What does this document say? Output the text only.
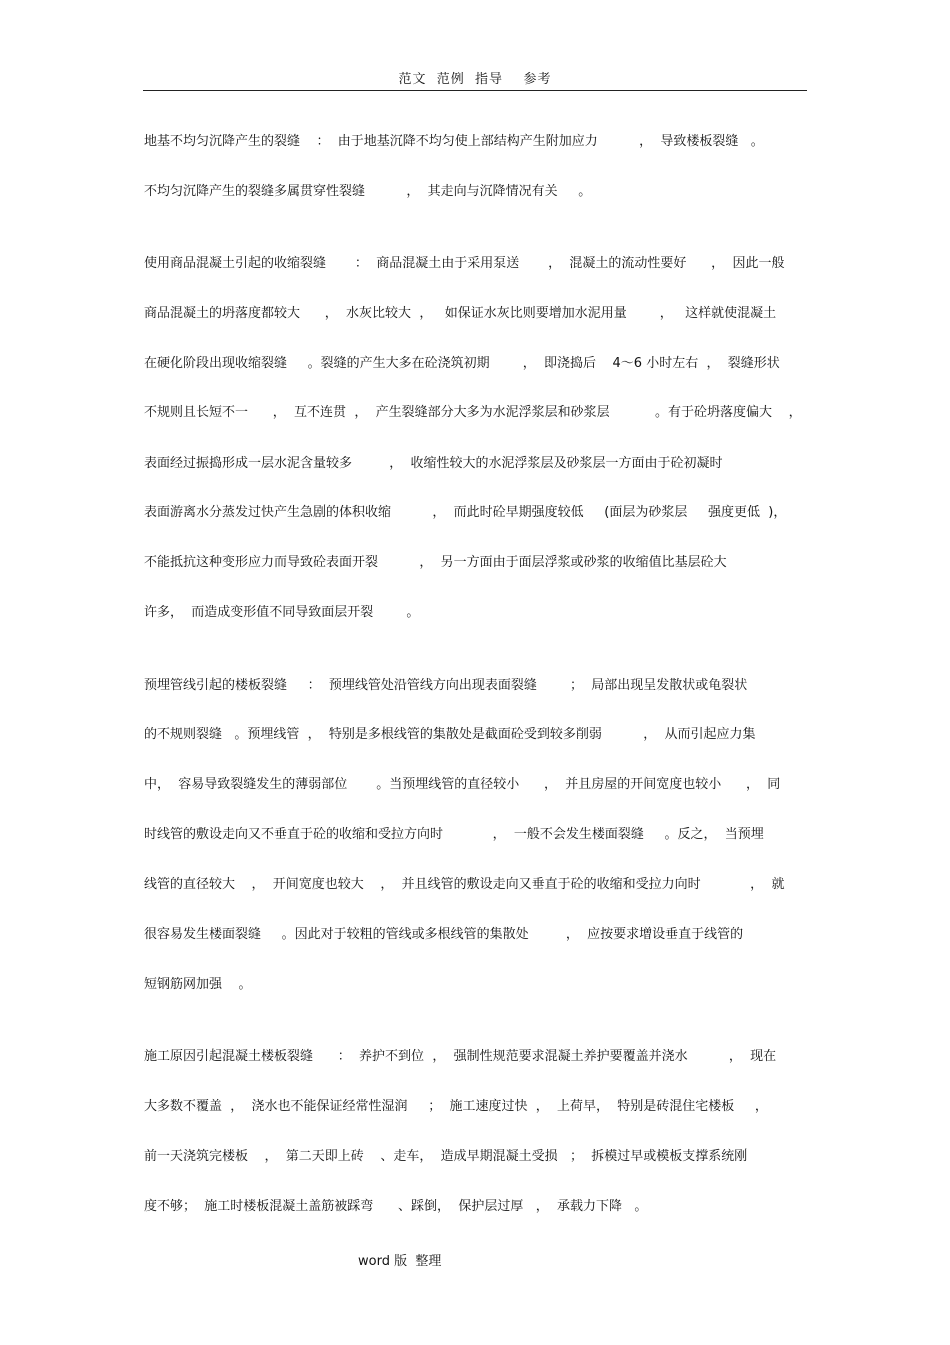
范文  范例  指导    参考
地基不均匀沉降产生的裂缝    ：  由于地基沉降不均匀使上部结构产生附加应力          ，  导致楼板裂缝   。
不均匀沉降产生的裂缝多属贯穿性裂缝          ，  其走向与沉降情况有关     。
使用商品混凝土引起的收缩裂缝       ：  商品混凝土由于采用泵送       ，  混凝土的流动性要好      ，  因此一般
商品混凝土的坍落度都较大      ，  水灰比较大  ，   如保证水灰比则要增加水泥用量        ，   这样就使混凝土
在硬化阶段出现收缩裂缝     。裂缝的产生大多在砼浇筑初期        ，  即浇捣后    4～6 小时左右  ，  裂缝形状
不规则且长短不一      ，  互不连贯  ，  产生裂缝部分大多为水泥浮浆层和砂浆层           。有于砼坍落度偏大    ，
表面经过振捣形成一层水泥含量较多         ，  收缩性较大的水泥浮浆层及砂浆层一方面由于砼初凝时
表面游离水分蒸发过快产生急剧的体积收缩          ，  而此时砼早期强度较低     (面层为砂浆层     强度更低  )，
不能抵抗这种变形应力而导致砼表面开裂          ，  另一方面由于面层浮浆或砂浆的收缩值比基层砼大
许多，  而造成变形值不同导致面层开裂        。
预埋管线引起的楼板裂缝     ：  预埋线管处沿管线方向出现表面裂缝        ；  局部出现呈发散状或龟裂状
的不规则裂缝   。预埋线管  ，  特别是多根线管的集散处是截面砼受到较多削弱          ，  从而引起应力集
中，  容易导致裂缝发生的薄弱部位       。当预埋线管的直径较小      ，  并且房屋的开间宽度也较小      ，  同
时线管的敷设走向又不垂直于砼的收缩和受拉方向时            ，  一般不会发生楼面裂缝     。反之，  当预埋
线管的直径较大    ，  开间宽度也较大    ，  并且线管的敷设走向又垂直于砼的收缩和受拉力向时            ，  就
很容易发生楼面裂缝     。因此对于较粗的管线或多根线管的集散处         ，  应按要求增设垂直于线管的
短钢筋网加强    。
施工原因引起混凝土楼板裂缝      ：  养护不到位  ，  强制性规范要求混凝土养护要覆盖并浇水          ，  现在
大多数不覆盖  ，  浇水也不能保证经常性湿润     ；  施工速度过快  ，  上荷早，  特别是砖混住宅楼板     ，
前一天浇筑完楼板    ，  第二天即上砖    、走车，  造成早期混凝土受损   ；  拆模过早或模板支撑系统刚
度不够；  施工时楼板混凝土盖筋被踩弯      、踩倒，  保护层过厚   ，  承载力下降   。
word 版  整理
